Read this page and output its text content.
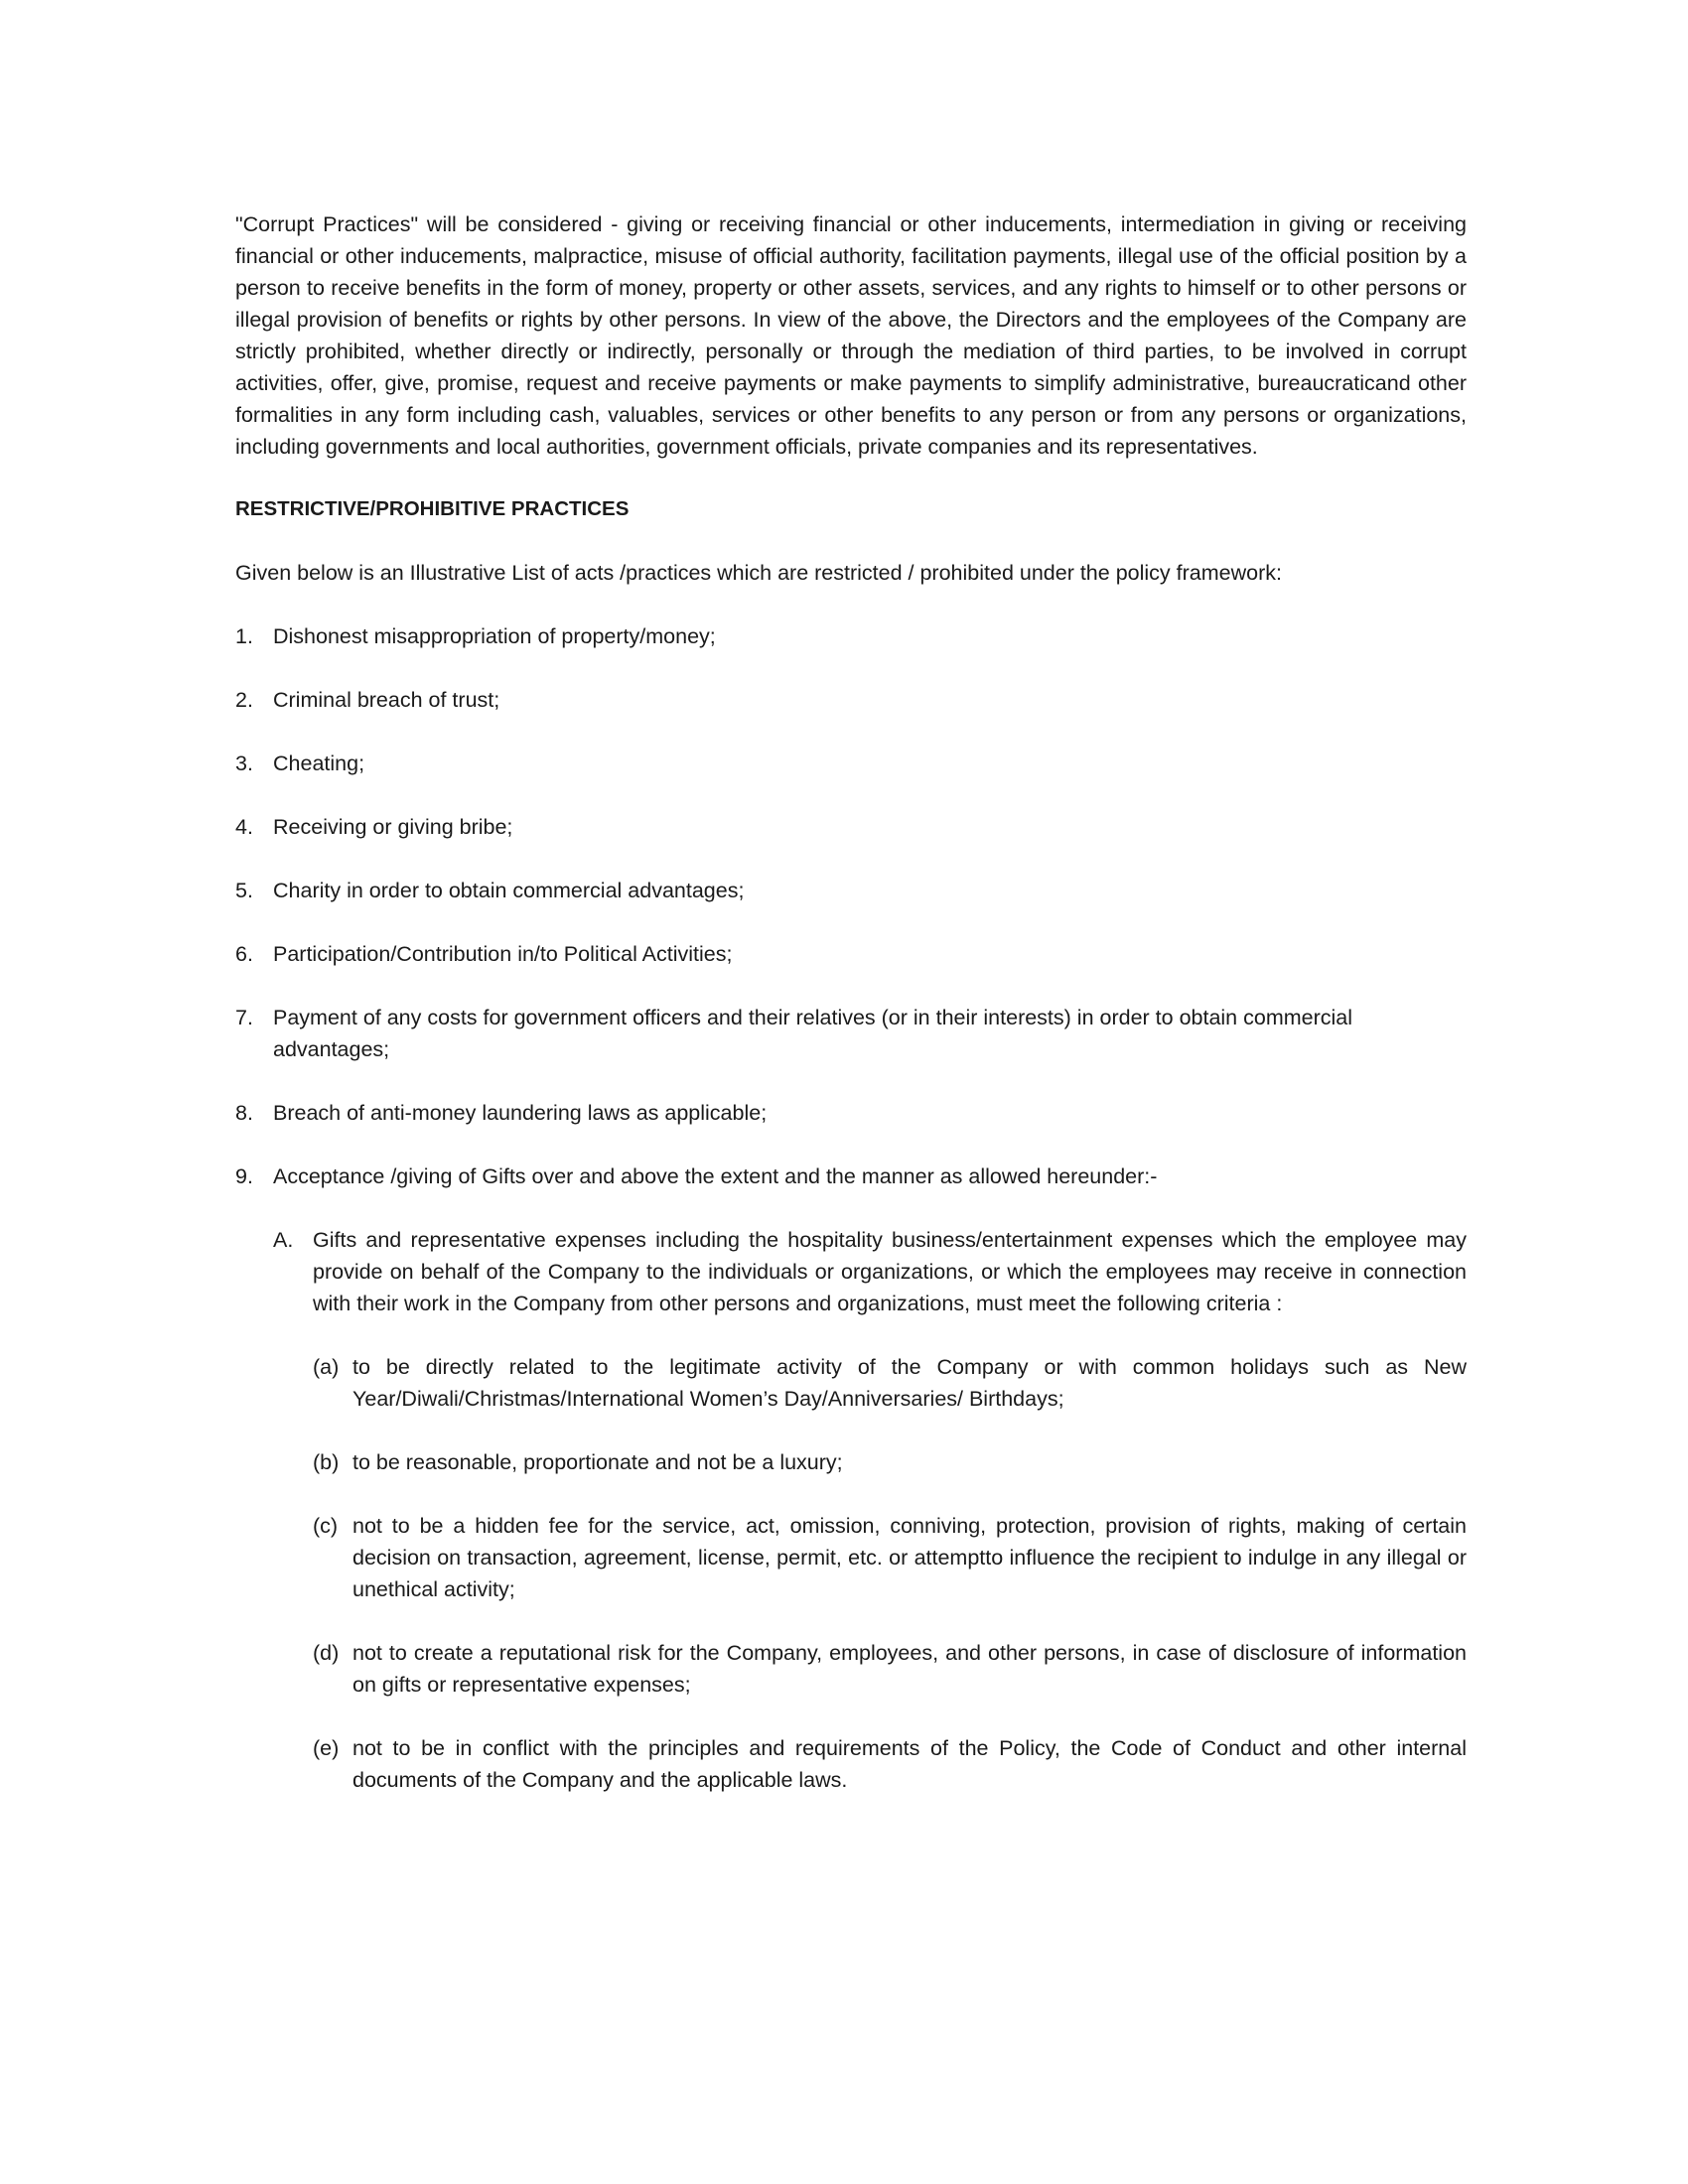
"Corrupt Practices" will be considered - giving or receiving financial or other inducements, intermediation in giving or receiving financial or other inducements, malpractice, misuse of official authority, facilitation payments, illegal use of the official position by a person to receive benefits in the form of money, property or other assets, services, and any rights to himself or to other persons or illegal provision of benefits or rights by other persons. In view of the above, the Directors and the employees of the Company are strictly prohibited, whether directly or indirectly, personally or through the mediation of third parties, to be involved in corrupt activities, offer, give, promise, request and receive payments or make payments to simplify administrative, bureaucraticand other formalities in any form including cash, valuables, services or other benefits to any person or from any persons or organizations, including governments and local authorities, government officials, private companies and its representatives.

RESTRICTIVE/PROHIBITIVE PRACTICES

Given below is an Illustrative List of acts /practices which are restricted / prohibited under the policy framework:

1. Dishonest misappropriation of property/money;
2. Criminal breach of trust;
3. Cheating;
4. Receiving or giving bribe;
5. Charity in order to obtain commercial advantages;
6. Participation/Contribution in/to Political Activities;
7. Payment of any costs for government officers and their relatives (or in their interests) in order to obtain commercial advantages;
8. Breach of anti-money laundering laws as applicable;
9. Acceptance /giving of Gifts over and above the extent and the manner as allowed hereunder:-
A. Gifts and representative expenses including the hospitality business/entertainment expenses which the employee may provide on behalf of the Company to the individuals or organizations, or which the employees may receive in connection with their work in the Company from other persons and organizations, must meet the following criteria :
(a) to be directly related to the legitimate activity of the Company or with common holidays such as New Year/Diwali/Christmas/International Women’s Day/Anniversaries/ Birthdays;
(b) to be reasonable, proportionate and not be a luxury;
(c) not to be a hidden fee for the service, act, omission, conniving, protection, provision of rights, making of certain decision on transaction, agreement, license, permit, etc. or attemptto influence the recipient to indulge in any illegal or unethical activity;
(d) not to create a reputational risk for the Company, employees, and other persons, in case of disclosure of information on gifts or representative expenses;
(e) not to be in conflict with the principles and requirements of the Policy, the Code of Conduct and other internal documents of the Company and the applicable laws.
